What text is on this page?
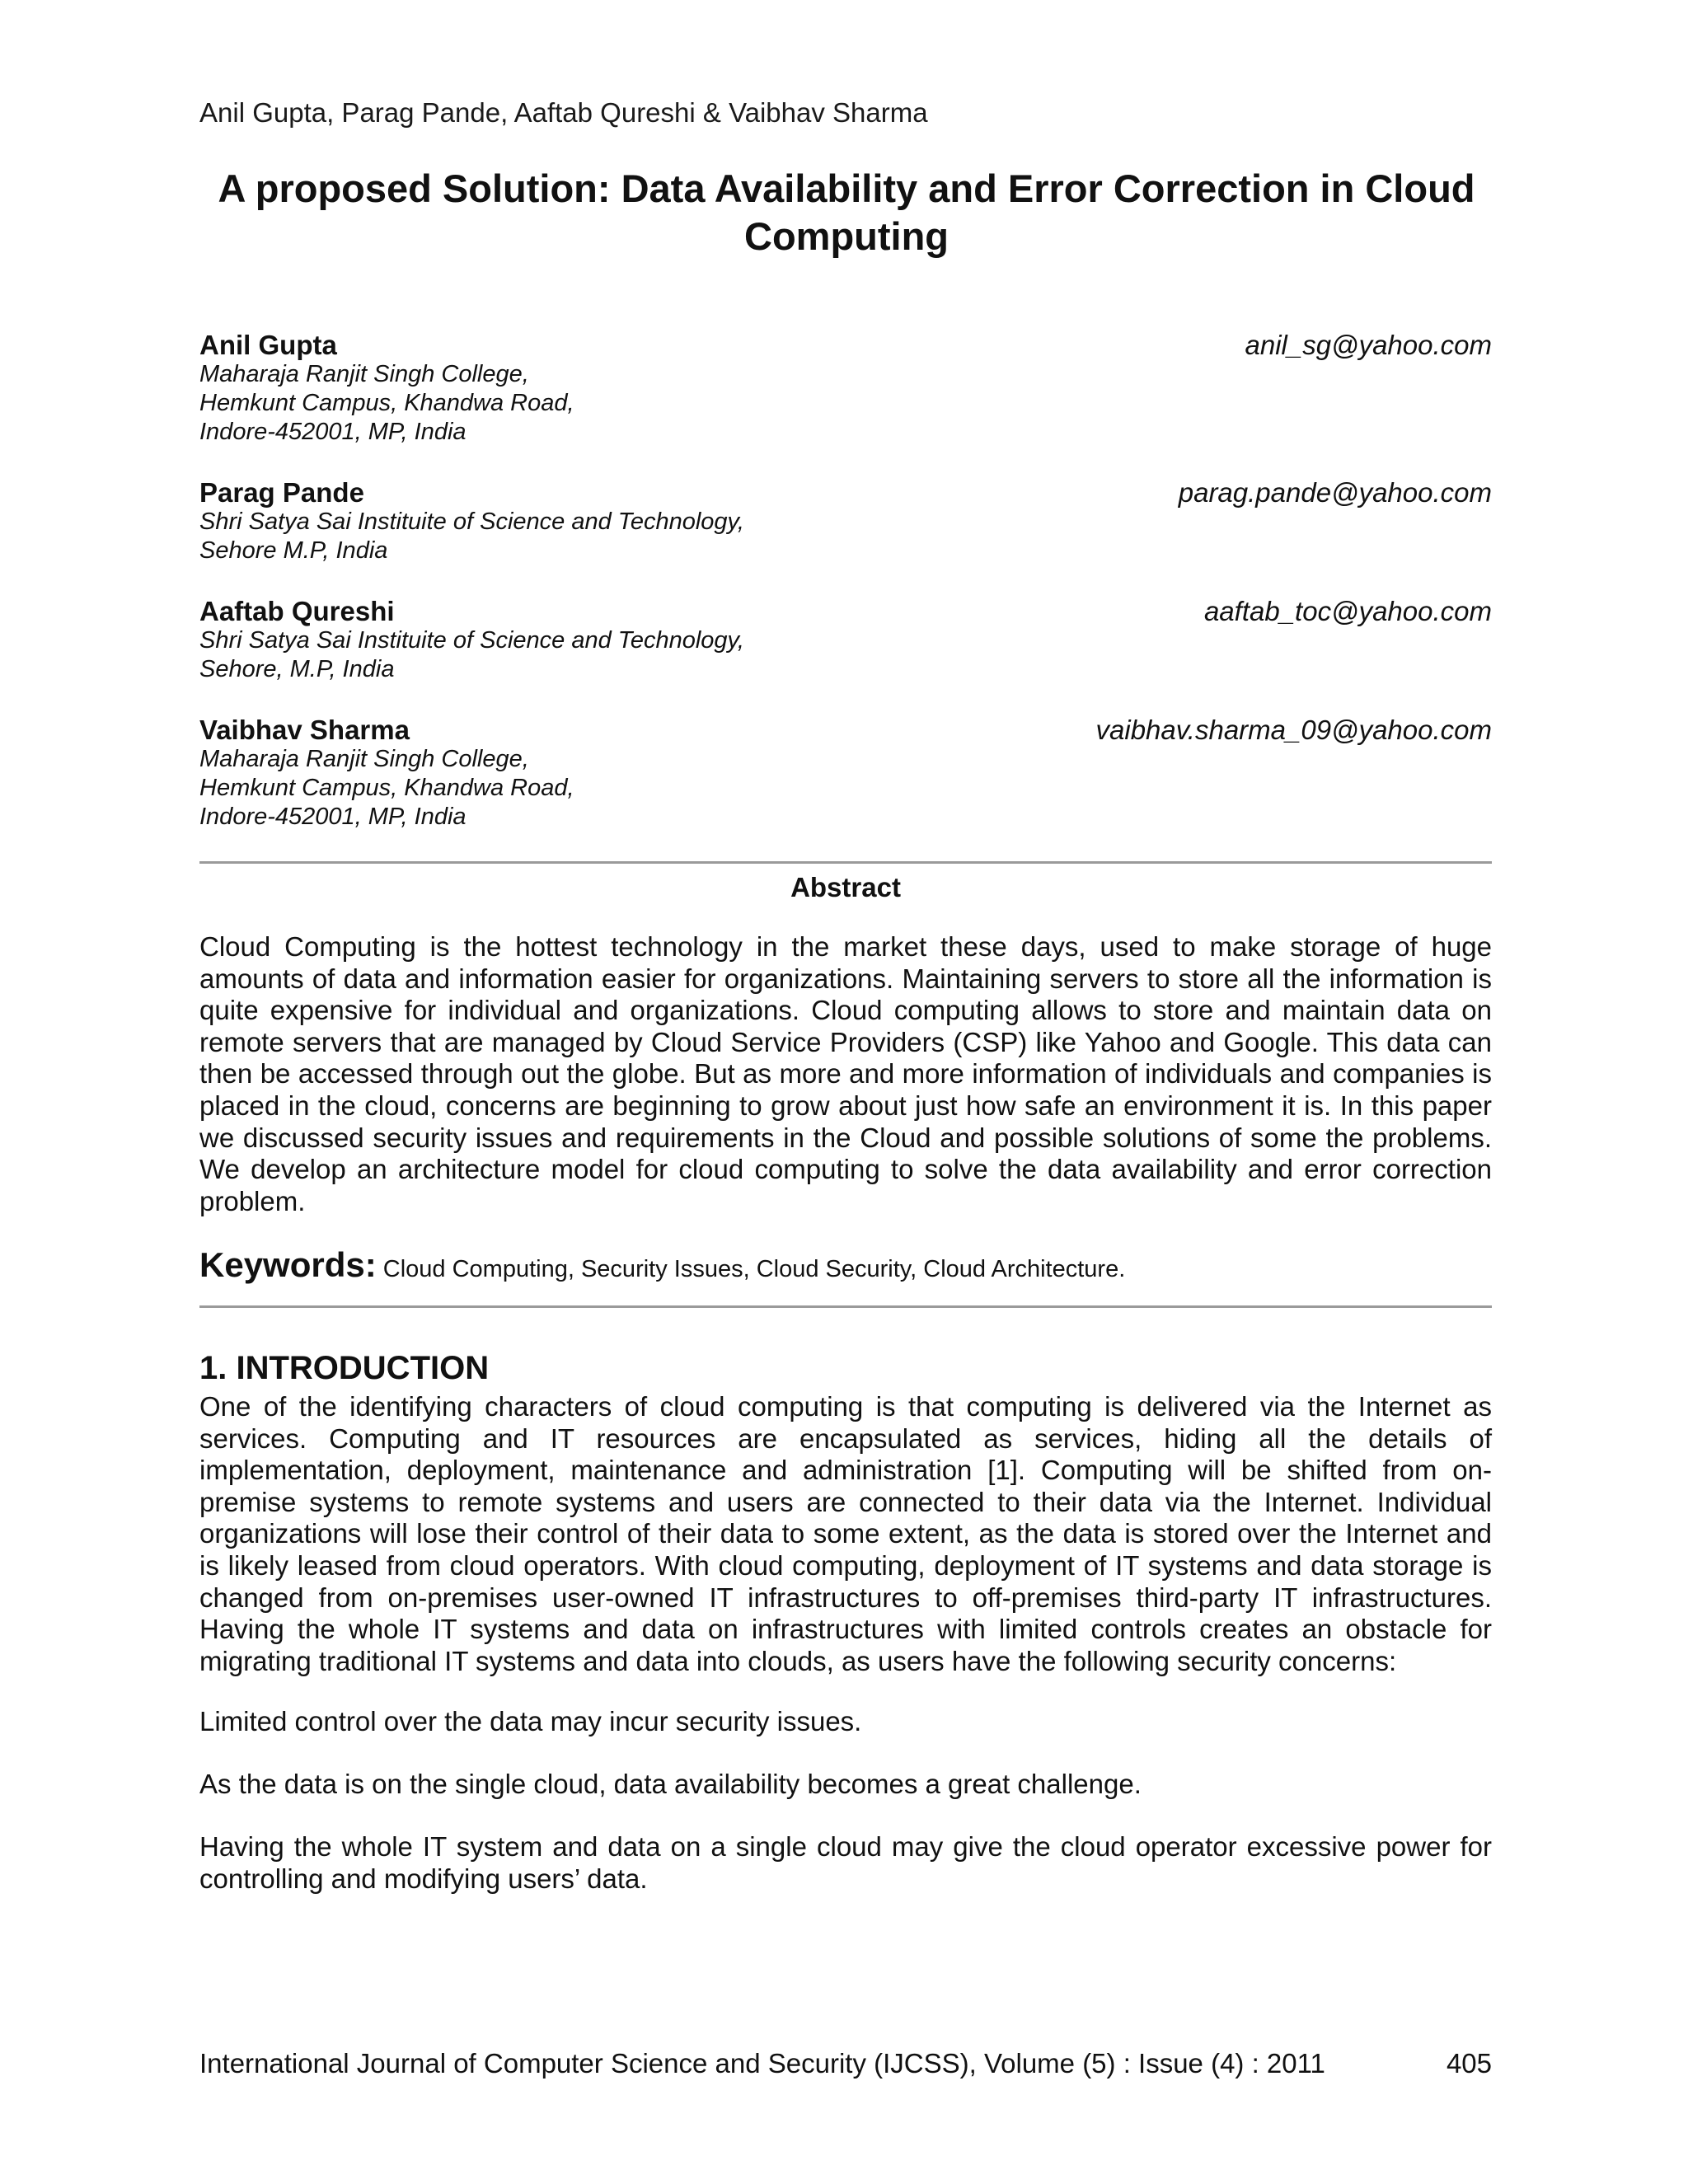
Anil Gupta, Parag Pande, Aaftab Qureshi & Vaibhav Sharma
A proposed Solution: Data Availability and Error Correction in Cloud
Computing
Anil Gupta	anil_sg@yahoo.com
Maharaja Ranjit Singh College,
Hemkunt Campus, Khandwa Road,
Indore-452001, MP, India
Parag Pande	parag.pande@yahoo.com
Shri Satya Sai Instituite of Science and Technology,
Sehore M.P, India
Aaftab Qureshi	aaftab_toc@yahoo.com
Shri Satya Sai Instituite of Science and Technology,
Sehore, M.P, India
Vaibhav Sharma	vaibhav.sharma_09@yahoo.com
Maharaja Ranjit Singh College,
Hemkunt Campus, Khandwa Road,
Indore-452001, MP, India
Abstract
Cloud Computing is the hottest technology in the market these days, used to make storage of huge amounts of data and information easier for organizations. Maintaining servers to store all the information is quite expensive for individual and organizations. Cloud computing allows to store and maintain data on remote servers that are managed by Cloud Service Providers (CSP) like Yahoo and Google. This data can then be accessed through out the globe. But as more and more information of individuals and companies is placed in the cloud, concerns are beginning to grow about just how safe an environment it is. In this paper we discussed security issues and requirements in the Cloud and possible solutions of some the problems. We develop an architecture model for cloud computing to solve the data availability and error correction problem.
Keywords: Cloud Computing, Security Issues, Cloud Security, Cloud Architecture.
1. INTRODUCTION
One of the identifying characters of cloud computing is that computing is delivered via the Internet as services. Computing and IT resources are encapsulated as services, hiding all the details of implementation, deployment, maintenance and administration [1]. Computing will be shifted from on-premise systems to remote systems and users are connected to their data via the Internet. Individual organizations will lose their control of their data to some extent, as the data is stored over the Internet and is likely leased from cloud operators. With cloud computing, deployment of IT systems and data storage is changed from on-premises user-owned IT infrastructures to off-premises third-party IT infrastructures. Having the whole IT systems and data on infrastructures with limited controls creates an obstacle for migrating traditional IT systems and data into clouds, as users have the following security concerns:
Limited control over the data may incur security issues.
As the data is on the single cloud, data availability becomes a great challenge.
Having the whole IT system and data on a single cloud may give the cloud operator excessive power for controlling and modifying users’ data.
International Journal of Computer Science and Security (IJCSS), Volume (5) : Issue (4) : 2011	405
